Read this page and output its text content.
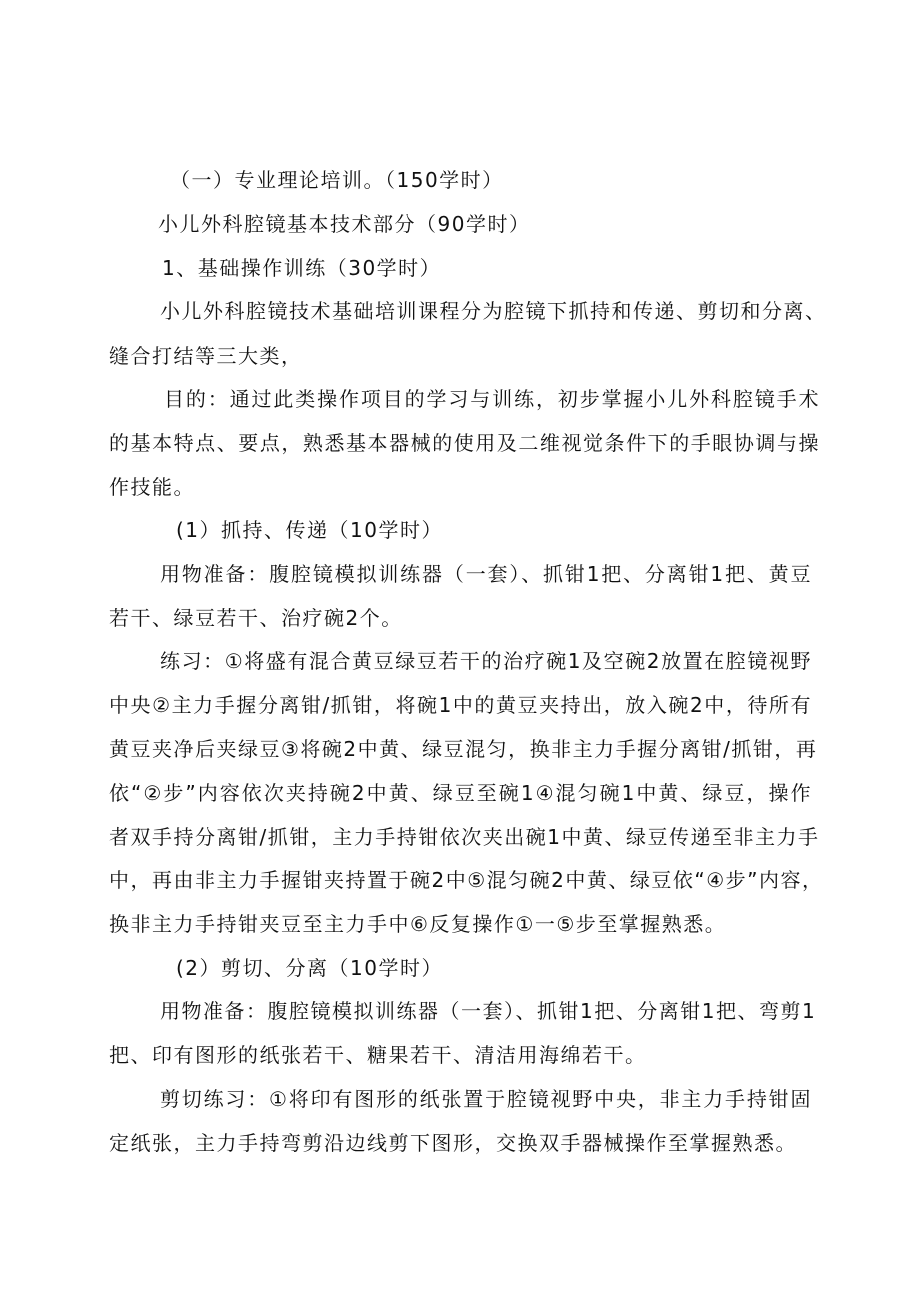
（一）专业理论培训。（150学时）
小儿外科腔镜基本技术部分（90学时）
1、基础操作训练（30学时）
小儿外科腔镜技术基础培训课程分为腔镜下抓持和传递、剪切和分离、
缝合打结等三大类，
目的：通过此类操作项目的学习与训练，初步掌握小儿外科腔镜手术
的基本特点、要点，熟悉基本器械的使用及二维视觉条件下的手眼协调与操
作技能。
(1）抓持、传递（10学时）
用物准备：腹腔镜模拟训练器（一套）、抓钳1把、分离钳1把、黄豆
若干、绿豆若干、治疗碗2个。
练习：①将盛有混合黄豆绿豆若干的治疗碗1及空碗2放置在腔镜视野
中央②主力手握分离钳/抓钳，将碗1中的黄豆夹持出，放入碗2中，待所有
黄豆夹净后夹绿豆③将碗2中黄、绿豆混匀，换非主力手握分离钳/抓钳，再
依“②步”内容依次夹持碗2中黄、绿豆至碗1④混匀碗1中黄、绿豆，操作
者双手持分离钳/抓钳，主力手持钳依次夹出碗1中黄、绿豆传递至非主力手
中，再由非主力手握钳夹持置于碗2中⑤混匀碗2中黄、绿豆依“④步”内容，
换非主力手持钳夹豆至主力手中⑥反复操作①一⑤步至掌握熟悉。
(2）剪切、分离（10学时）
用物准备：腹腔镜模拟训练器（一套）、抓钳1把、分离钳1把、弯剪1
把、印有图形的纸张若干、糖果若干、清洁用海绵若干。
剪切练习：①将印有图形的纸张置于腔镜视野中央，非主力手持钳固
定纸张，主力手持弯剪沿边线剪下图形，交换双手器械操作至掌握熟悉。
